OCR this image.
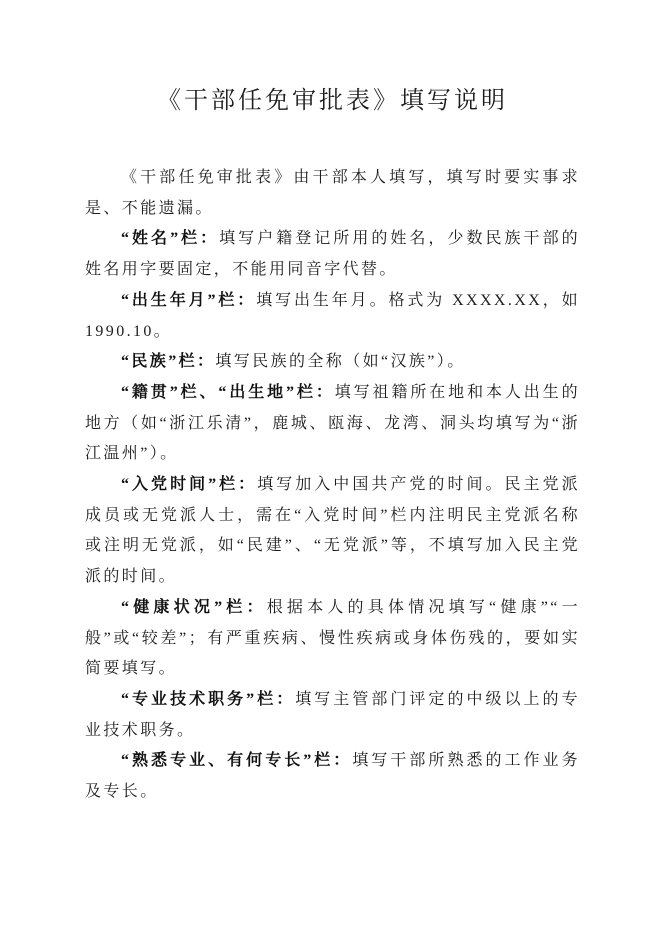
《干部任免审批表》填写说明

《干部任免审批表》由干部本人填写，填写时要实事求是、不能遗漏。

“姓名”栏：填写户籍登记所用的姓名，少数民族干部的姓名用字要固定，不能用同音字代替。

“出生年月”栏：填写出生年月。格式为 XXXX.XX，如1990.10。

“民族”栏：填写民族的全称（如“汉族”）。

“籍贯”栏、“出生地”栏：填写祖籍所在地和本人出生的地方（如“浙江乐清”，鹿城、瓯海、龙湾、洞头均填写为“浙江温州”）。

“入党时间”栏：填写加入中国共产党的时间。民主党派成员或无党派人士，需在“入党时间”栏内注明民主党派名称或注明无党派，如“民建”、“无党派”等，不填写加入民主党派的时间。

“健康状况”栏：根据本人的具体情况填写“健康”“一般”或“较差”；有严重疾病、慢性疾病或身体伤残的，要如实简要填写。

“专业技术职务”栏：填写主管部门评定的中级以上的专业技术职务。

“熟悉专业、有何专长”栏：填写干部所熟悉的工作业务及专长。
